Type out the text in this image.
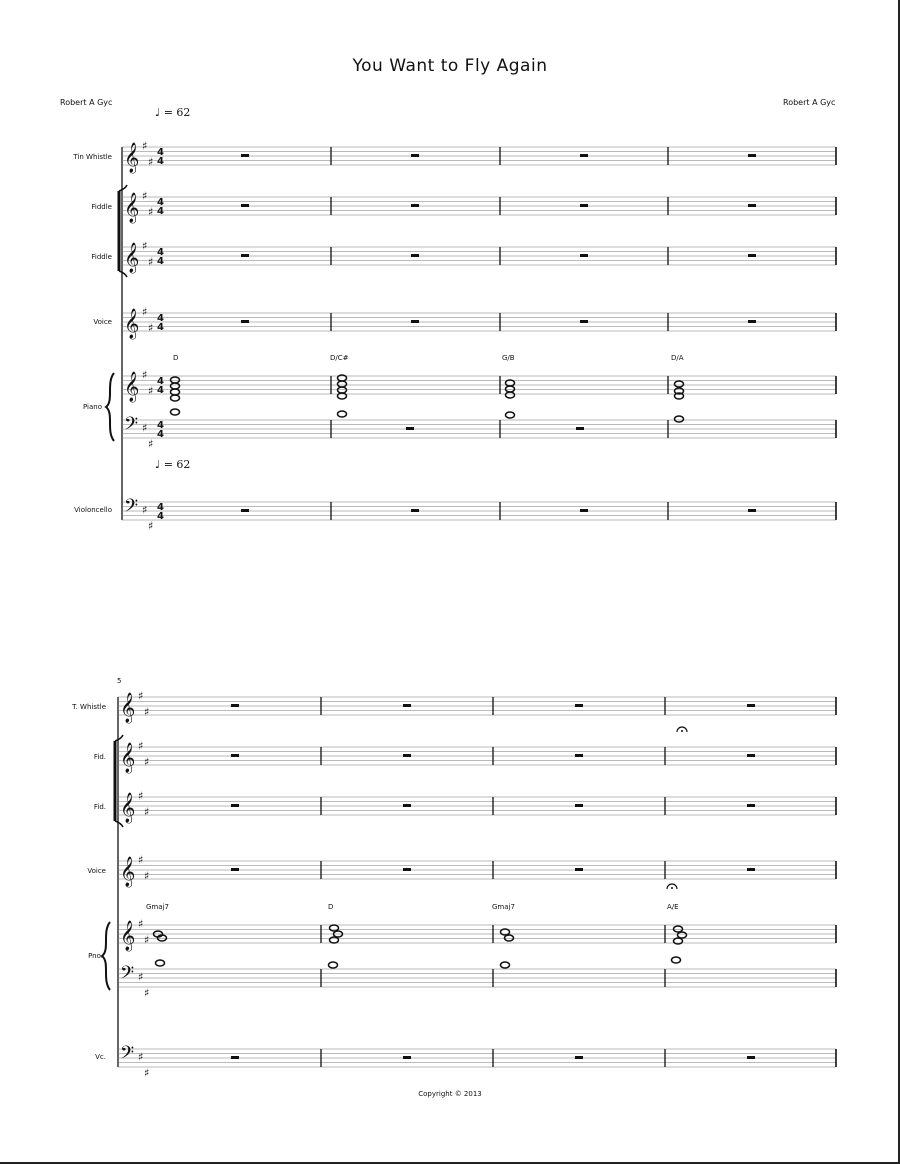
You Want to Fly Again
Robert A Gyc	Robert A Gyc
♩ = 62
♩ = 62
Tin Whistle
Fiddle
Fiddle
Voice
Piano
Violoncello
D	D/C#	G/B	D/A
5
T. Whistle
Fid.
Fid.
Voice
Pno.
Vc.
Gmaj7	D	Gmaj7	A/E
Copyright © 2013
𝄞 ♯
♯
4
4
𝄞 ♯
♯
4
4
𝄞 ♯
♯
4
4
𝄞 ♯
♯
4
4
𝄞 ♯
♯
4
4
𝄢 ♯
♯
4
4
𝄢 ♯
♯
4
4
𝄞 ♯
♯
𝄞 ♯
♯
𝄞 ♯
♯
𝄞 ♯
♯
𝄞 ♯
♯
𝄢 ♯
♯
𝄢 ♯
♯
